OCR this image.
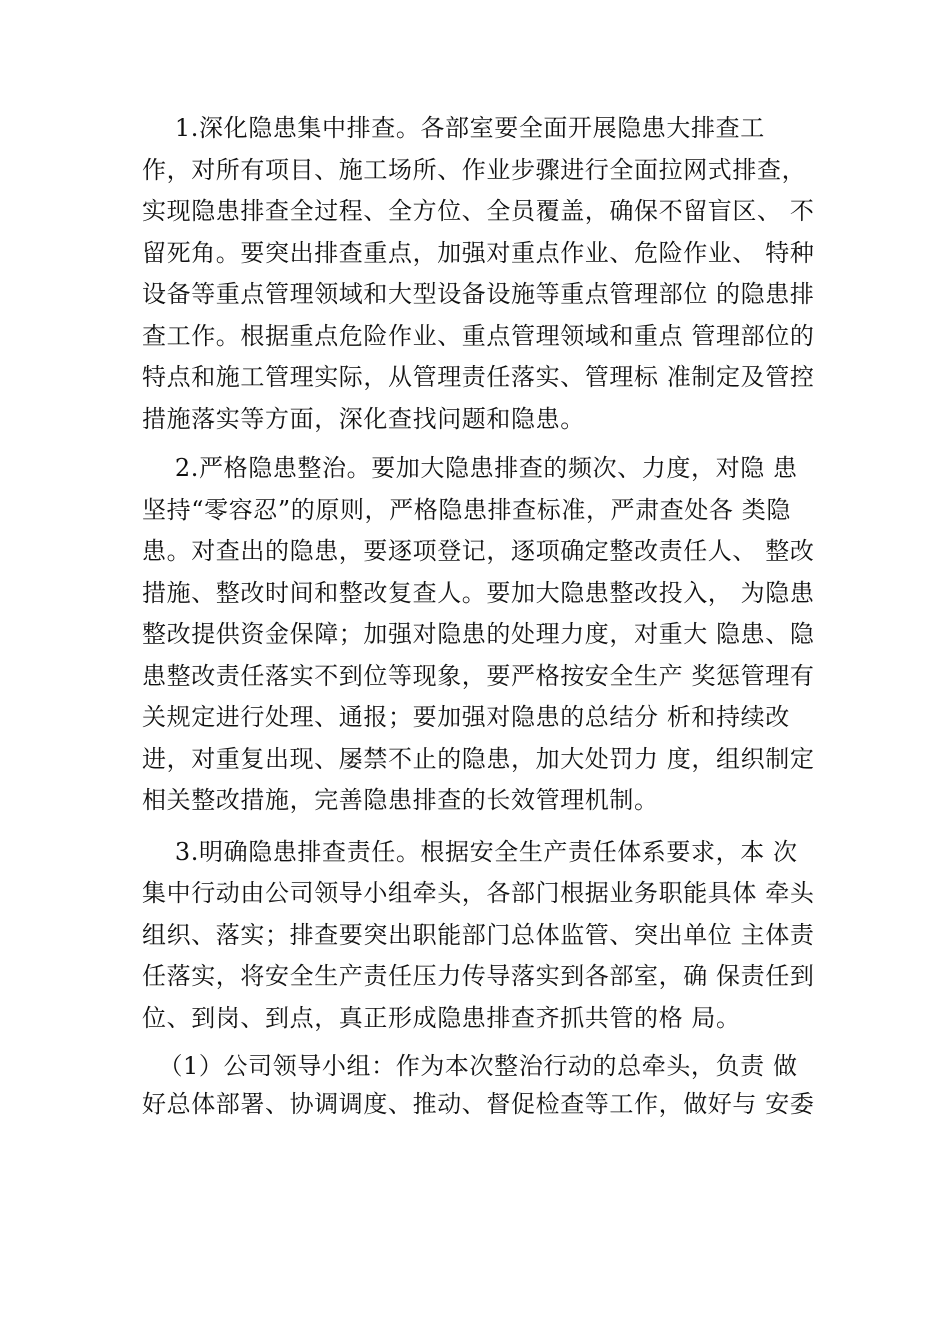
1.深化隐患集中排查。各部室要全面开展隐患大排查工
作，对所有项目、施工场所、作业步骤进行全面拉网式排查，
实现隐患排查全过程、全方位、全员覆盖，确保不留盲区、 不
留死角。要突出排查重点，加强对重点作业、危险作业、 特种
设备等重点管理领域和大型设备设施等重点管理部位 的隐患排
查工作。根据重点危险作业、重点管理领域和重点 管理部位的
特点和施工管理实际，从管理责任落实、管理标 准制定及管控
措施落实等方面，深化查找问题和隐患。
2.严格隐患整治。要加大隐患排查的频次、力度，对隐 患
坚持“零容忍”的原则，严格隐患排查标准，严肃查处各 类隐
患。对查出的隐患，要逐项登记，逐项确定整改责任人、 整改
措施、整改时间和整改复查人。要加大隐患整改投入， 为隐患
整改提供资金保障；加强对隐患的处理力度，对重大 隐患、隐
患整改责任落实不到位等现象，要严格按安全生产 奖惩管理有
关规定进行处理、通报；要加强对隐患的总结分 析和持续改
进，对重复出现、屡禁不止的隐患，加大处罚力 度，组织制定
相关整改措施，完善隐患排查的长效管理机制。
3.明确隐患排查责任。根据安全生产责任体系要求，本 次
集中行动由公司领导小组牵头，各部门根据业务职能具体 牵头
组织、落实；排查要突出职能部门总体监管、突出单位 主体责
任落实，将安全生产责任压力传导落实到各部室，确 保责任到
位、到岗、到点，真正形成隐患排查齐抓共管的格 局。
（1）公司领导小组：作为本次整治行动的总牵头，负责 做
好总体部署、协调调度、推动、督促检查等工作，做好与 安委
